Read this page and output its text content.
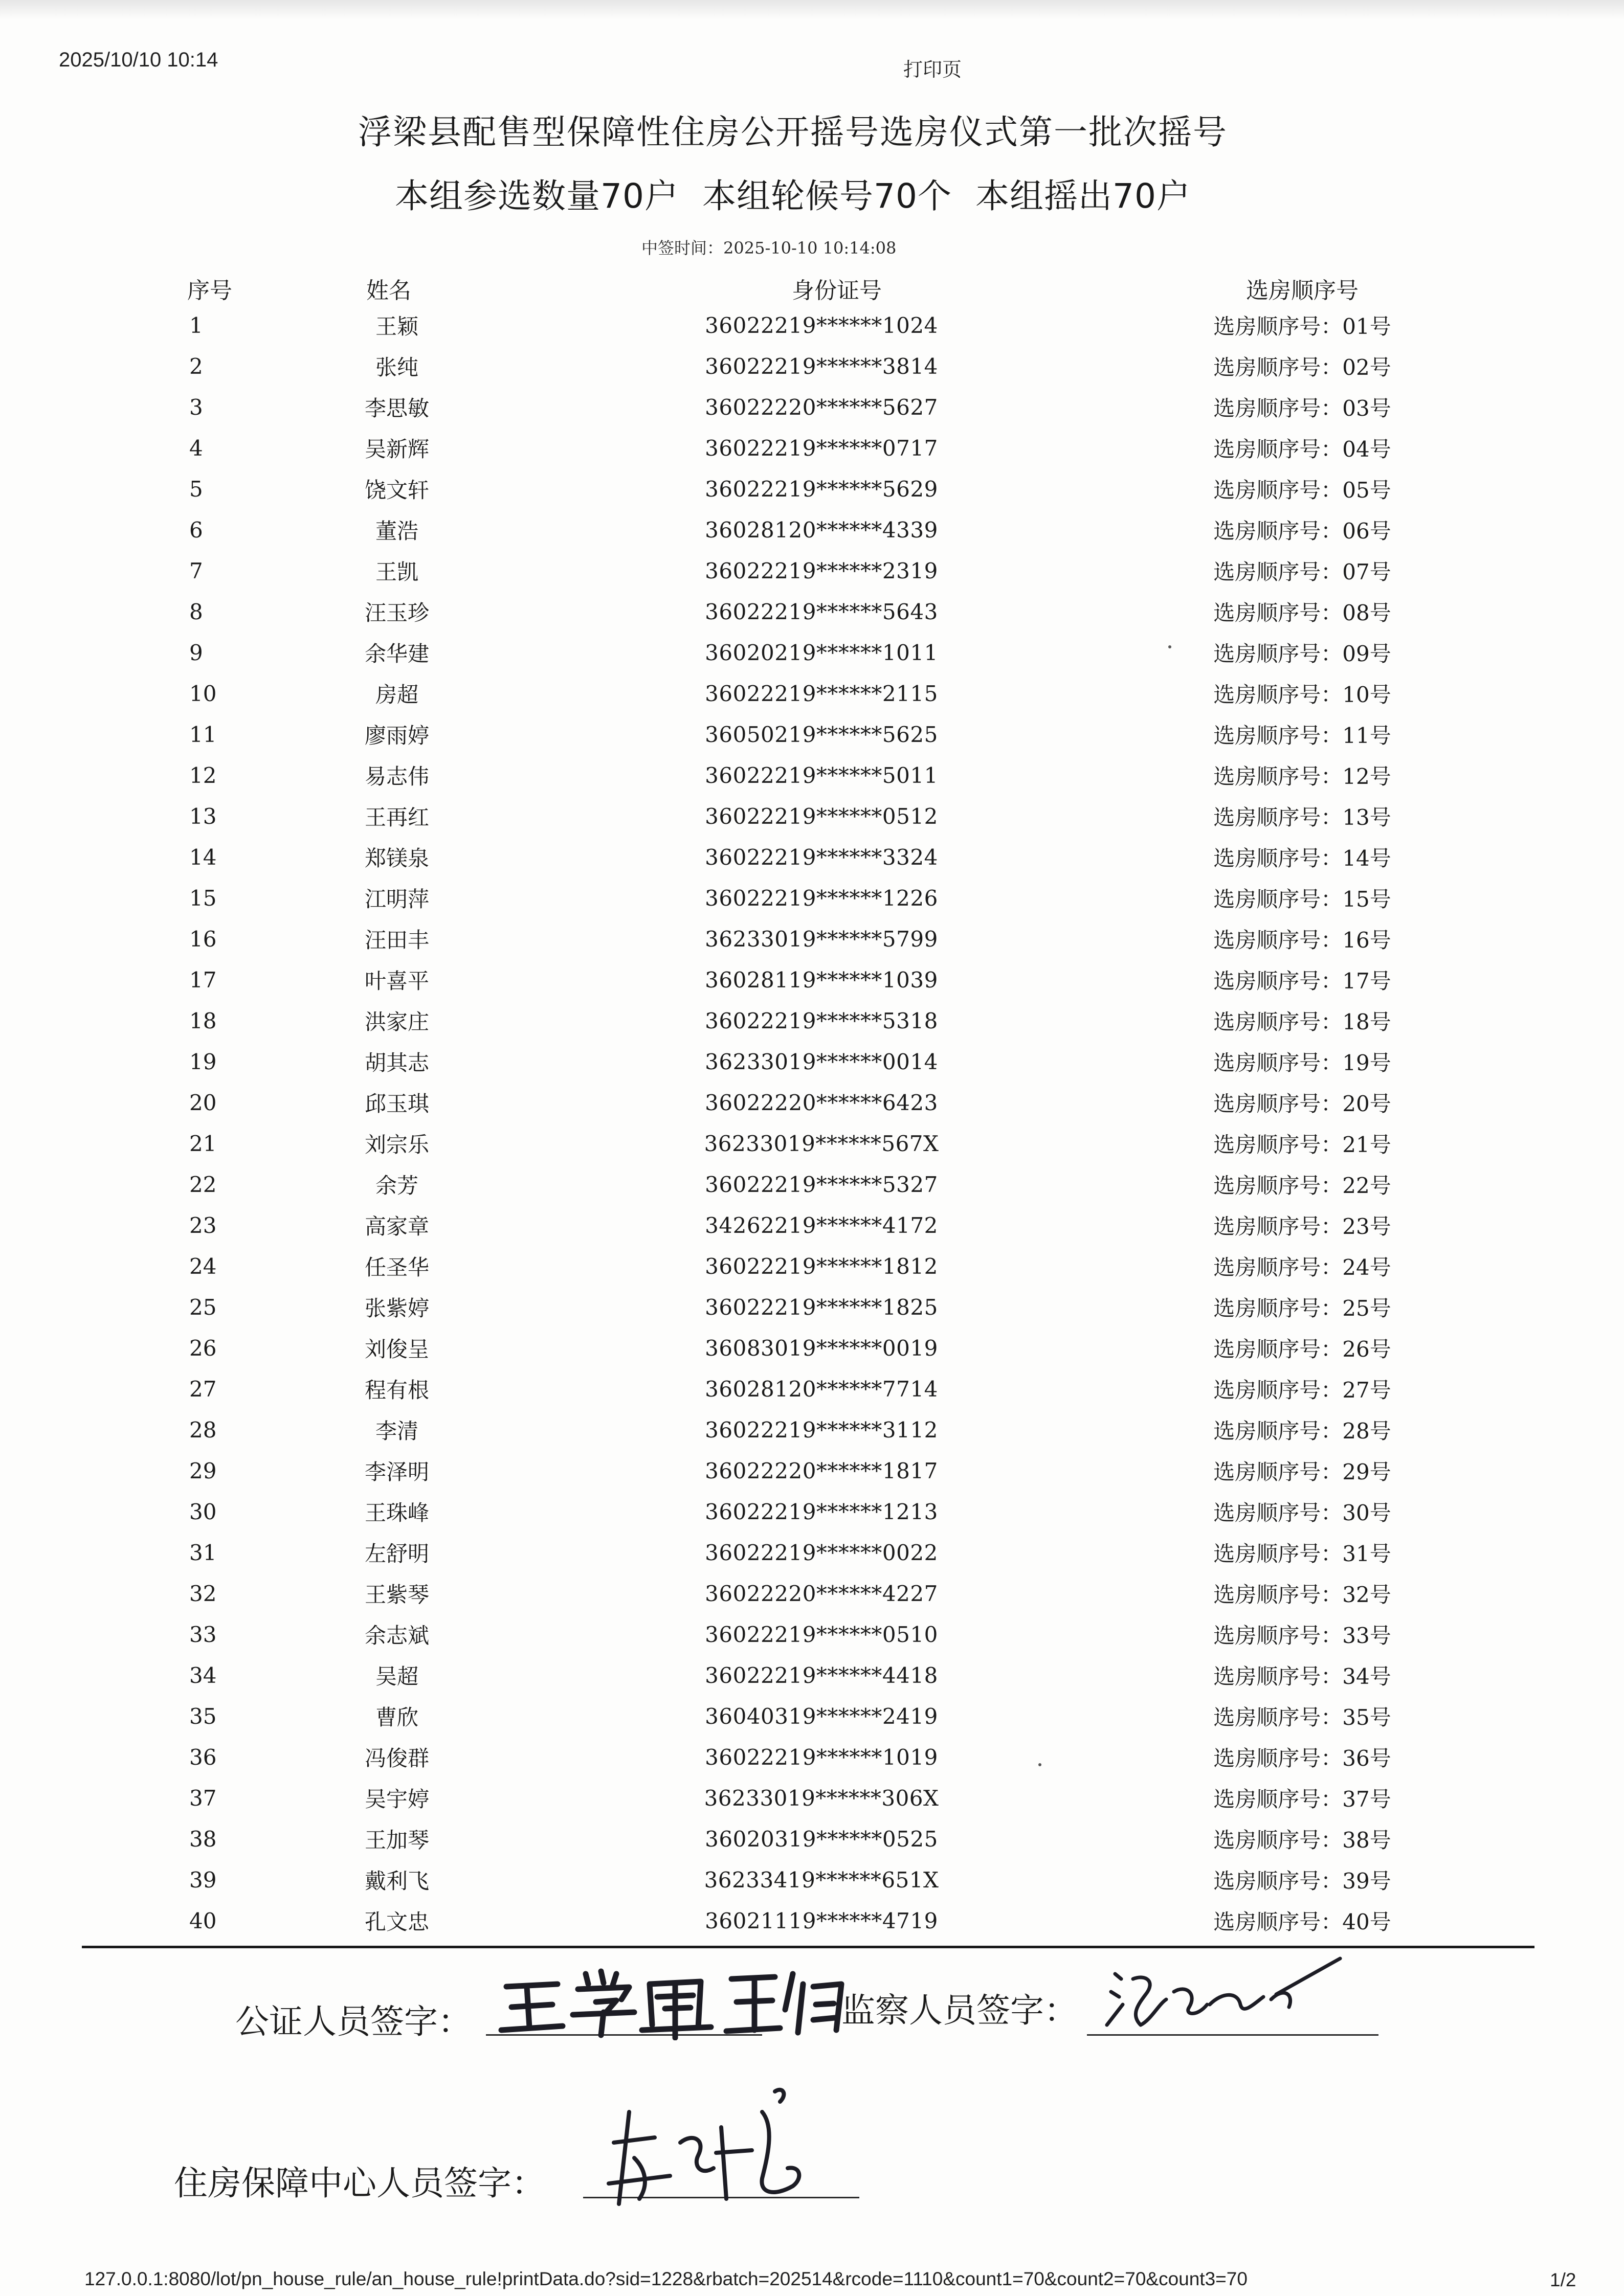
2025/10/10 10:14	打印页
浮梁县配售型保障性住房公开摇号选房仪式第一批次摇号
本组参选数量70户 本组轮候号70个 本组摇出70户
中签时间：2025-10-10 10:14:08
序号	姓名	身份证号	选房顺序号
1	王颖	36022219******1024	选房顺序号：01号
2	张纯	36022219******3814	选房顺序号：02号
3	李思敏	36022220******5627	选房顺序号：03号
4	吴新辉	36022219******0717	选房顺序号：04号
5	饶文轩	36022219******5629	选房顺序号：05号
6	董浩	36028120******4339	选房顺序号：06号
7	王凯	36022219******2319	选房顺序号：07号
8	汪玉珍	36022219******5643	选房顺序号：08号
9	余华建	36020219******1011	选房顺序号：09号
10	房超	36022219******2115	选房顺序号：10号
11	廖雨婷	36050219******5625	选房顺序号：11号
12	易志伟	36022219******5011	选房顺序号：12号
13	王再红	36022219******0512	选房顺序号：13号
14	郑镁泉	36022219******3324	选房顺序号：14号
15	江明萍	36022219******1226	选房顺序号：15号
16	汪田丰	36233019******5799	选房顺序号：16号
17	叶喜平	36028119******1039	选房顺序号：17号
18	洪家庄	36022219******5318	选房顺序号：18号
19	胡其志	36233019******0014	选房顺序号：19号
20	邱玉琪	36022220******6423	选房顺序号：20号
21	刘宗乐	36233019******567X	选房顺序号：21号
22	余芳	36022219******5327	选房顺序号：22号
23	高家章	34262219******4172	选房顺序号：23号
24	任圣华	36022219******1812	选房顺序号：24号
25	张紫婷	36022219******1825	选房顺序号：25号
26	刘俊呈	36083019******0019	选房顺序号：26号
27	程有根	36028120******7714	选房顺序号：27号
28	李清	36022219******3112	选房顺序号：28号
29	李泽明	36022220******1817	选房顺序号：29号
30	王珠峰	36022219******1213	选房顺序号：30号
31	左舒明	36022219******0022	选房顺序号：31号
32	王紫琴	36022220******4227	选房顺序号：32号
33	余志斌	36022219******0510	选房顺序号：33号
34	吴超	36022219******4418	选房顺序号：34号
35	曹欣	36040319******2419	选房顺序号：35号
36	冯俊群	36022219******1019	选房顺序号：36号
37	吴宇婷	36233019******306X	选房顺序号：37号
38	王加琴	36020319******0525	选房顺序号：38号
39	戴利飞	36233419******651X	选房顺序号：39号
40	孔文忠	36021119******4719	选房顺序号：40号
公证人员签字：	监察人员签字：
住房保障中心人员签字：
127.0.0.1:8080/lot/pn_house_rule/an_house_rule!printData.do?sid=1228&rbatch=202514&rcode=1110&count1=70&count2=70&count3=70	1/2
